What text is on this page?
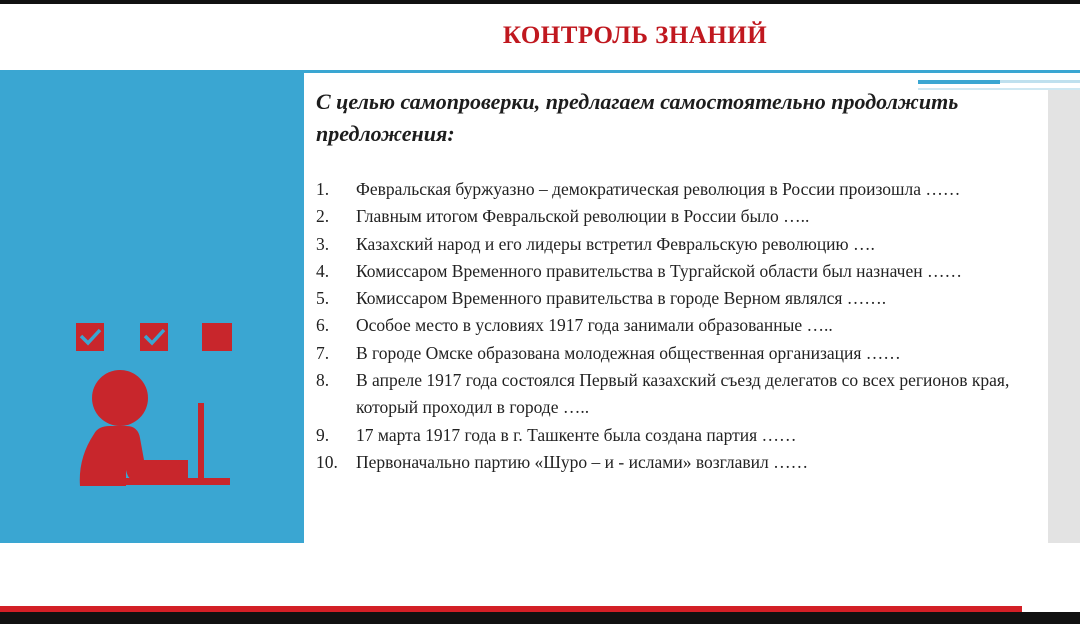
КОНТРОЛЬ ЗНАНИЙ
С целью самопроверки, предлагаем самостоятельно продолжить предложения:
1.	Февральская буржуазно – демократическая революция в России произошла ……
2.	Главным итогом Февральской революции в России было …..
3.	Казахский народ и его лидеры встретил Февральскую революцию ….
4.	Комиссаром Временного правительства в Тургайской области был назначен ……
5.	Комиссаром Временного правительства в городе Верном являлся …….
6.	Особое место в условиях 1917 года занимали образованные …..
7.	В городе Омске образована молодежная общественная организация ……
8.	В апреле 1917 года состоялся Первый казахский съезд делегатов со всех регионов края, который проходил в городе …..
9.	17 марта 1917 года в г. Ташкенте была создана партия ……
10.	Первоначально партию «Шуро – и - ислами» возглавил ……
